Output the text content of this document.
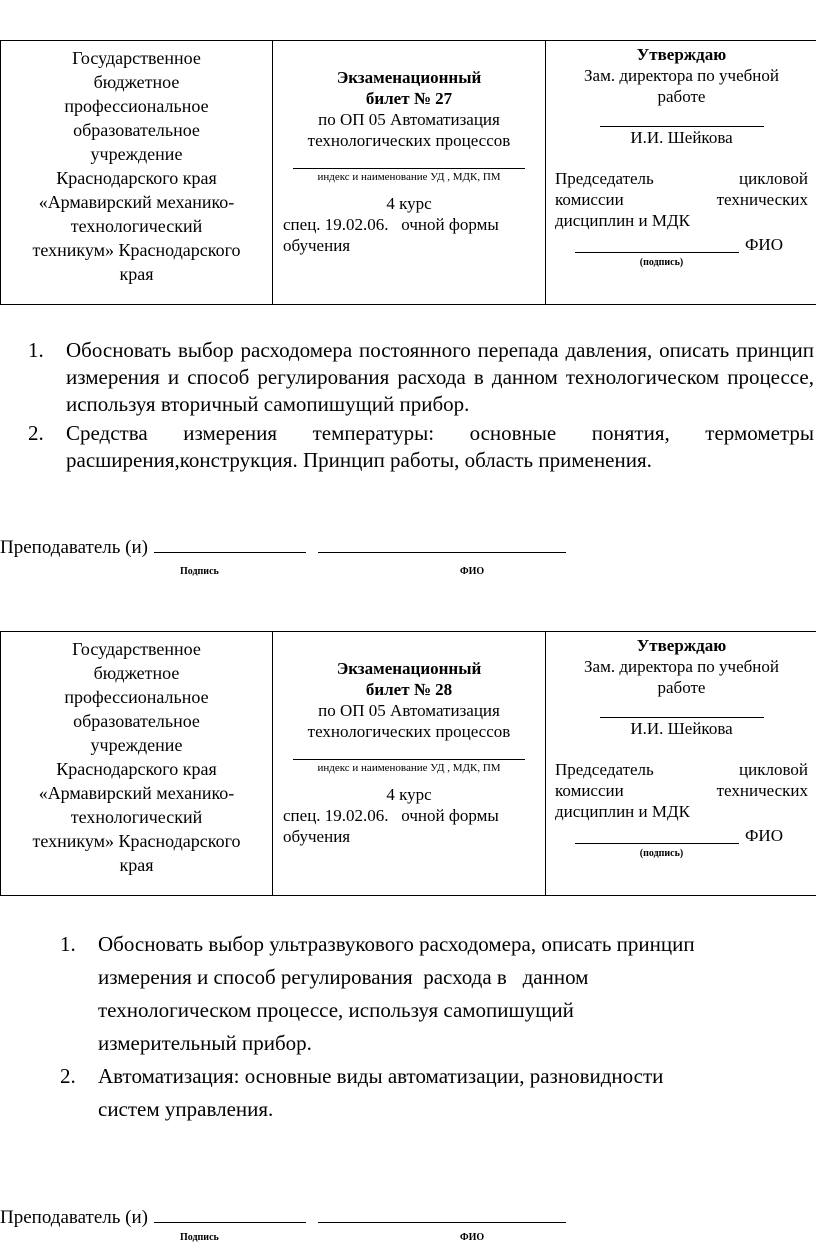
Государственное
бюджетное
профессиональное
образовательное
учреждение
Краснодарского края
«Армавирский механико-
технологический
техникум» Краснодарского
края

Экзаменационный
билет № 27
по ОП 05 Автоматизация
технологических процессов
индекс и наименование УД , МДК, ПМ
4 курс
спец. 19.02.06.   очной формы
обучения

Утверждаю
Зам. директора по учебной
работе
И.И. Шейкова
Председатель         цикловой
комиссии         технических
дисциплин и МДК
ФИО
(подпись)
1.	Обосновать выбор расходомера постоянного перепада давления, описать принцип измерения и способ регулирования расхода в данном технологическом процессе, используя вторичный самопишущий прибор.
2.	Средства измерения температуры: основные понятия, термометры расширения,конструкция. Принцип работы, область применения.
Преподаватель (и)
Подпись	ФИО
Государственное
бюджетное
профессиональное
образовательное
учреждение
Краснодарского края
«Армавирский механико-
технологический
техникум» Краснодарского
края

Экзаменационный
билет № 28
по ОП 05 Автоматизация
технологических процессов
индекс и наименование УД , МДК, ПМ
4 курс
спец. 19.02.06.   очной формы
обучения

Утверждаю
Зам. директора по учебной
работе
И.И. Шейкова
Председатель         цикловой
комиссии         технических
дисциплин и МДК
ФИО
(подпись)
1.	Обосновать выбор ультразвукового расходомера, описать принцип
измерения и способ регулирования  расхода в   данном
технологическом процессе, используя самопишущий
измерительный прибор.
2.	Автоматизация: основные виды автоматизации, разновидности
систем управления.
Преподаватель (и)
Подпись	ФИО
